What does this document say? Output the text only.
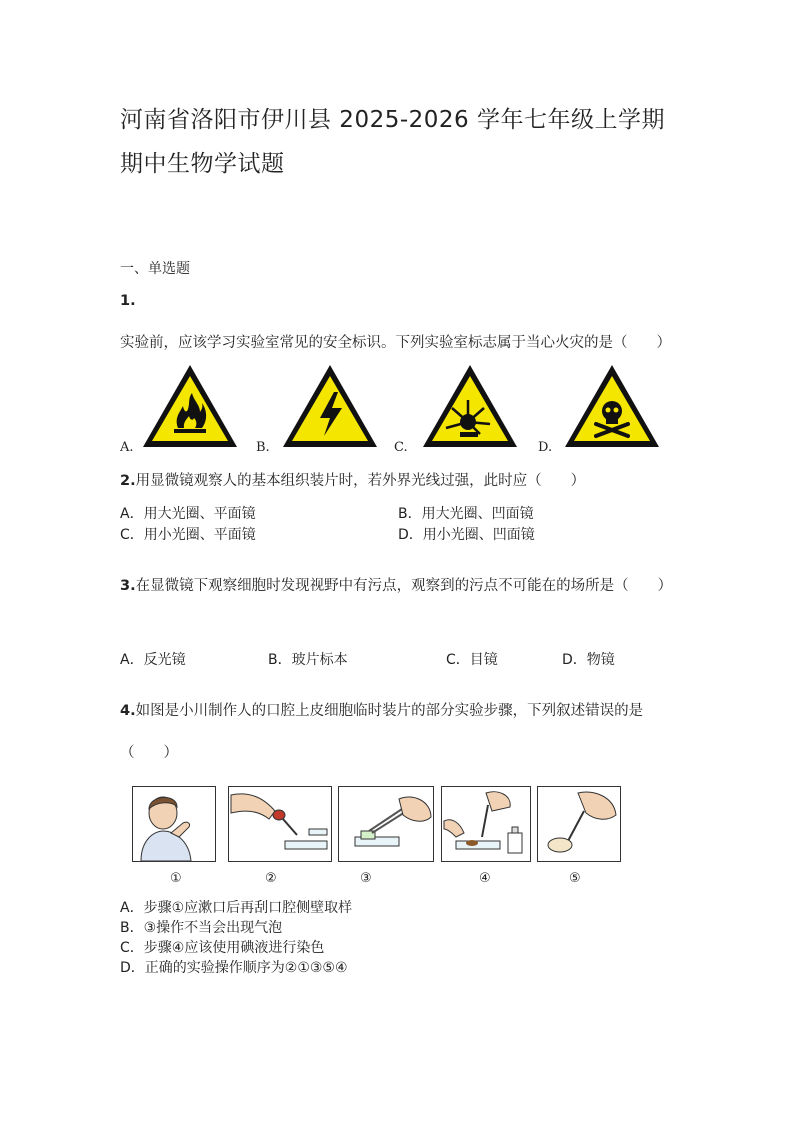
河南省洛阳市伊川县 2025-2026 学年七年级上学期期中生物学试题
一、单选题
1.实验前，应该学习实验室常见的安全标识。下列实验室标志属于当心火灾的是（　　）
A.	B.	C.	D.
2.用显微镜观察人的基本组织装片时，若外界光线过强，此时应（　　）
A．用大光圈、平面镜	B．用大光圈、凹面镜
C．用小光圈、平面镜	D．用小光圈、凹面镜
3.在显微镜下观察细胞时发现视野中有污点，观察到的污点不可能在的场所是（　　）
A．反光镜	B．玻片标本	C．目镜	D．物镜
4.如图是小川制作人的口腔上皮细胞临时装片的部分实验步骤，下列叙述错误的是（　　）
①	②	③	④	⑤
A．步骤①应漱口后再刮口腔侧壁取样
B．③操作不当会出现气泡
C．步骤④应该使用碘液进行染色
D．正确的实验操作顺序为②①③⑤④
